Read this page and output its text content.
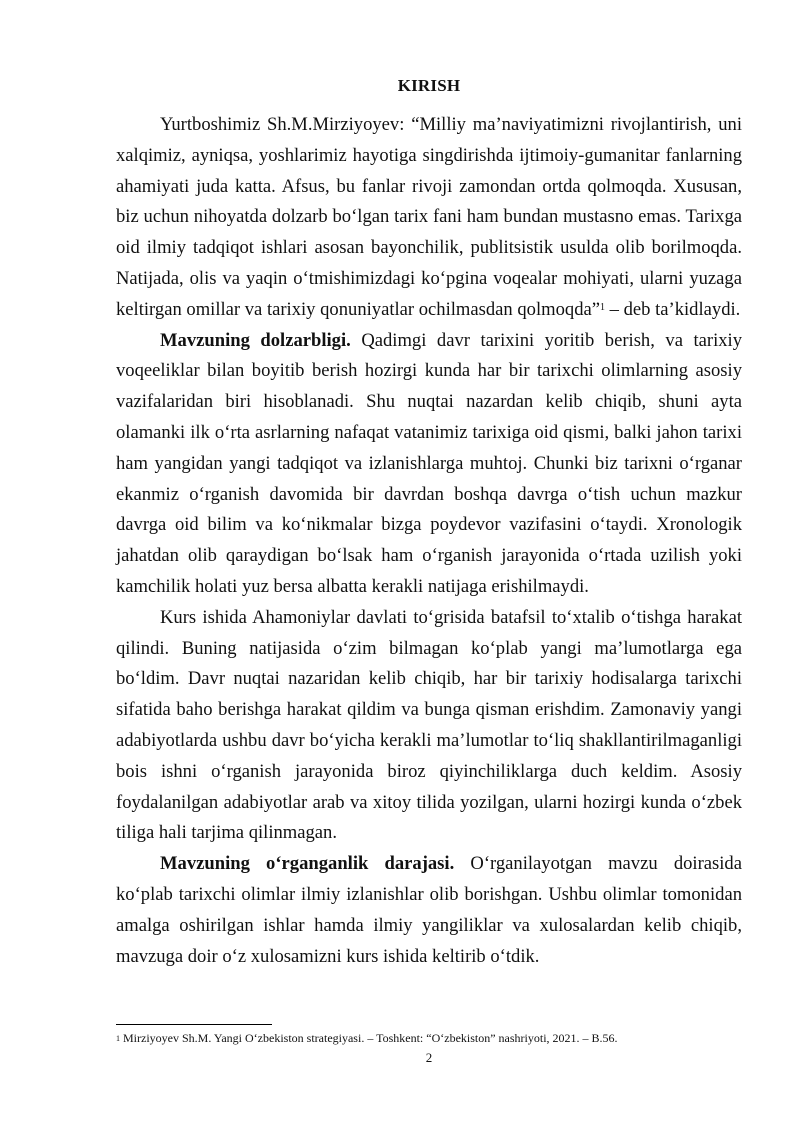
KIRISH

Yurtboshimiz Sh.M.Mirziyoyev: “Milliy ma’naviyatimizni rivojlantirish, uni xalqimiz, ayniqsa, yoshlarimiz hayotiga singdirishda ijtimoiy-gumanitar fanlarning ahamiyati juda katta. Afsus, bu fanlar rivoji zamondan ortda qolmoqda. Xususan, biz uchun nihoyatda dolzarb bo‘lgan tarix fani ham bundan mustasno emas. Tarixga oid ilmiy tadqiqot ishlari asosan bayonchilik, publitsistik usulda olib borilmoqda. Natijada, olis va yaqin o‘tmishimizdagi ko‘pgina voqealar mohiyati, ularni yuzaga keltirgan omillar va tarixiy qonuniyatlar ochilmasdan qolmoqda”$^1$ – deb ta’kidlaydi.

Mavzuning dolzarbligi. Qadimgi davr tarixini yoritib berish, va tarixiy voqeeliklar bilan boyitib berish hozirgi kunda har bir tarixchi olimlarning asosiy vazifalaridan biri hisoblanadi. Shu nuqtai nazardan kelib chiqib, shuni ayta olamanki ilk o‘rta asrlarning nafaqat vatanimiz tarixiga oid qismi, balki jahon tarixi ham yangidan yangi tadqiqot va izlanishlarga muhtoj. Chunki biz tarixni o‘rganar ekanmiz o‘rganish davomida bir davrdan boshqa davrga o‘tish uchun mazkur davrga oid bilim va ko‘nikmalar bizga poydevor vazifasini o‘taydi. Xronologik jahatdan olib qaraydigan bo‘lsak ham o‘rganish jarayonida o‘rtada uzilish yoki kamchilik holati yuz bersa albatta kerakli natijaga erishilmaydi.

Kurs ishida Ahamoniylar davlati to‘grisida batafsil to‘xtalib o‘tishga harakat qilindi. Buning natijasida o‘zim bilmagan ko‘plab yangi ma’lumotlarga ega bo‘ldim. Davr nuqtai nazaridan kelib chiqib, har bir tarixiy hodisalarga tarixchi sifatida baho berishga harakat qildim va bunga qisman erishdim. Zamonaviy yangi adabiyotlarda ushbu davr bo‘yicha kerakli ma’lumotlar to‘liq shakllantirilmaganligi bois ishni o‘rganish jarayonida biroz qiyinchiliklarga duch keldim. Asosiy foydalanilgan adabiyotlar arab va xitoy tilida yozilgan, ularni hozirgi kunda o‘zbek tiliga hali tarjima qilinmagan.

Mavzuning o‘rganganlik darajasi. O‘rganilayotgan mavzu doirasida ko‘plab tarixchi olimlar ilmiy izlanishlar olib borishgan. Ushbu olimlar tomonidan amalga oshirilgan ishlar hamda ilmiy yangiliklar va xulosalardan kelib chiqib, mavzuga doir o‘z xulosamizni kurs ishida keltirib o‘tdik.

$^1$ Mirziyoyev Sh.M. Yangi O‘zbekiston strategiyasi. – Toshkent: “O‘zbekiston” nashriyoti, 2021. – B.56.
2
